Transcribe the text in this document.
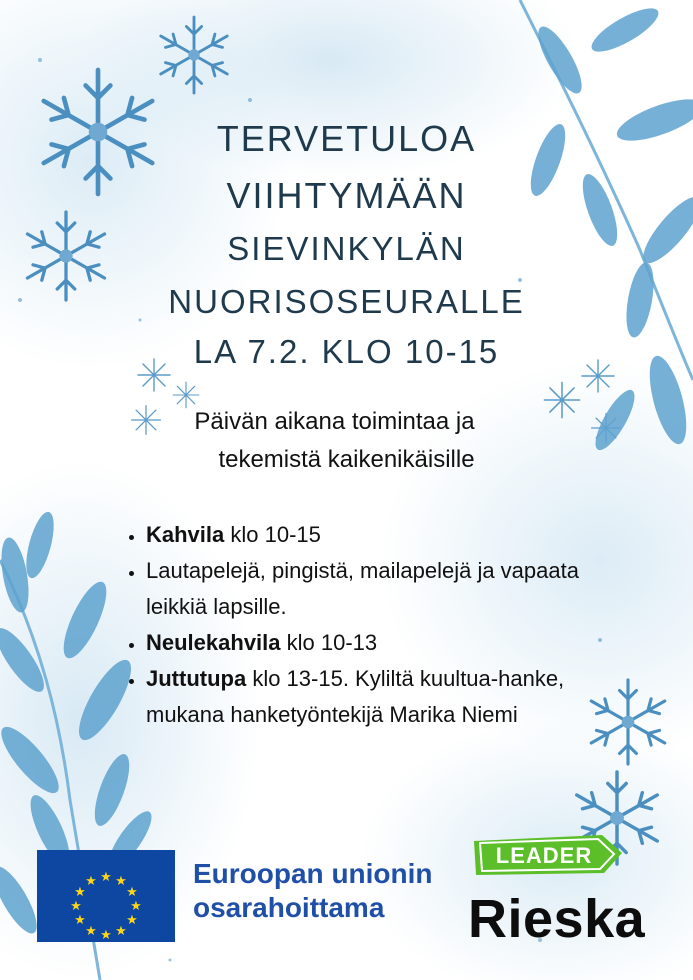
TERVETULOA
VIIHTYMÄÄN
SIEVINKYLÄN
NUORISOSEURALLE
LA 7.2. KLO 10-15
Päivän aikana toimintaa ja
tekemistä kaikenikäisille
• Kahvila klo 10-15
• Lautapelejä, pingistä, mailapelejä ja vapaata leikkiä lapsille.
• Neulekahvila klo 10-13
• Juttutupa klo 13-15. Kyliltä kuultua-hanke, mukana hanketyöntekijä Marika Niemi
★ ★
★
★
★
★
★
★
★
★
★
★	Euroopan unionin
osarahoittama
LEADER
Rieska
